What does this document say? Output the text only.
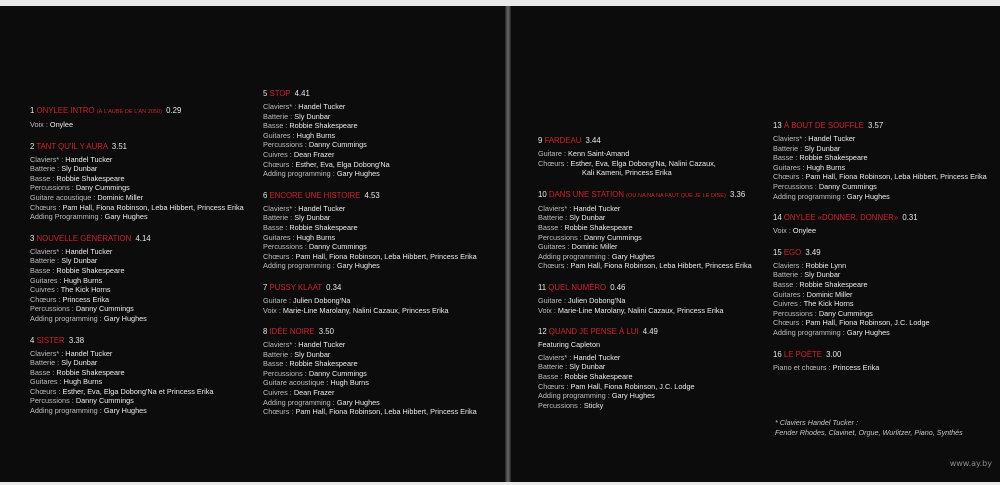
1 ONYLEE INTRO (À L'AUBE DE L'AN 2050) 0.29
Voix : Onylee
2 TANT QU'IL Y AURA 3.51
Claviers* : Handel Tucker
Batterie : Sly Dunbar
Basse : Robbie Shakespeare
Percussions : Dany Cummings
Guitare acoustique : Dominic Miller
Chœurs : Pam Hall, Fiona Robinson, Leba Hibbert, Princess Erika
Adding Programming : Gary Hughes
3 NOUVELLE GÉNÉRATION 4.14
Claviers* : Handel Tucker
Batterie : Sly Dunbar
Basse : Robbie Shakespeare
Guitares : Hugh Burns
Cuivres : The Kick Horns
Chœurs : Princess Erika
Percussions : Danny Cummings
Adding programming : Gary Hughes
4 SISTER 3.38
Claviers* : Handel Tucker
Batterie : Sly Dunbar
Basse : Robbie Shakespeare
Guitares : Hugh Burns
Chœurs : Esther, Eva, Elga Dobong'Na et Princess Erika
Percussions : Danny Cummings
Adding programming : Gary Hughes
5 STOP 4.41
Claviers* : Handel Tucker
Batterie : Sly Dunbar
Basse : Robbie Shakespeare
Guitares : Hugh Burns
Percussions : Danny Cummings
Cuivres : Dean Frazer
Chœurs : Esther, Eva, Elga Dobong'Na
Adding programming : Gary Hughes
6 ENCORE UNE HISTOIRE 4.53
Claviers* : Handel Tucker
Batterie : Sly Dunbar
Basse : Robbie Shakespeare
Guitares : Hugh Burns
Percussions : Danny Cummings
Chœurs : Pam Hall, Fiona Robinson, Leba Hibbert, Princess Erika
Adding programming : Gary Hughes
7 PUSSY KLAAT 0.34
Guitare : Julien Dobong'Na
Voix : Marie-Line Marolany, Nalini Cazaux, Princess Erika
8 IDÉE NOIRE 3.50
Claviers* : Handel Tucker
Batterie : Sly Dunbar
Basse : Robbie Shakespeare
Percussions : Danny Cummings
Guitare acoustique : Hugh Burns
Cuivres : Dean Frazer
Adding programming : Gary Hughes
Chœurs : Pam Hall, Fiona Robinson, Leba Hibbert, Princess Erika
9 FARDEAU 3.44
Guitare : Kenn Saint-Amand
Chœurs : Esther, Eva, Elga Dobong'Na, Nalini Cazaux,
Kali Kameni, Princess Erika
10 DANS UNE STATION (OU NA NA NA FAUT QUE JE LE DISE) 3.36
Claviers* : Handel Tucker
Batterie : Sly Dunbar
Basse : Robbie Shakespeare
Percussions : Danny Cummings
Guitares : Dominic Miller
Adding programming : Gary Hughes
Chœurs : Pam Hall, Fiona Robinson, Leba Hibbert, Princess Erika
11 QUEL NUMÉRO 0.46
Guitare : Julien Dobong'Na
Voix : Marie-Line Marolany, Nalini Cazaux, Princess Erika
12 QUAND JE PENSE À LUI 4.49
Featuring Capleton
Claviers* : Handel Tucker
Batterie : Sly Dunbar
Basse : Robbie Shakespeare
Chœurs : Pam Hall, Fiona Robinson, J.C. Lodge
Adding programming : Gary Hughes
Percussions : Sticky
13 À BOUT DE SOUFFLE 3.57
Claviers* : Handel Tucker
Batterie : Sly Dunbar
Basse : Robbie Shakespeare
Guitares : Hugh Burns
Chœurs : Pam Hall, Fiona Robinson, Leba Hibbert, Princess Erika
Percussions : Danny Cummings
Adding programming : Gary Hughes
14 ONYLEE «DONNER, DONNER» 0.31
Voix : Onylee
15 EGO 3.49
Claviers : Robbie Lynn
Batterie : Sly Dunbar
Basse : Robbie Shakespeare
Guitares : Dominic Miller
Cuivres : The Kick Horns
Percussions : Dany Cummings
Chœurs : Pam Hall, Fiona Robinson, J.C. Lodge
Adding programming : Gary Hughes
16 LE POÈTE 3.00
Piano et chœurs : Princess Erika
* Claviers Handel Tucker :
Fender Rhodes, Clavinet, Orgue, Wurlitzer, Piano, Synthés
www.ay.by
